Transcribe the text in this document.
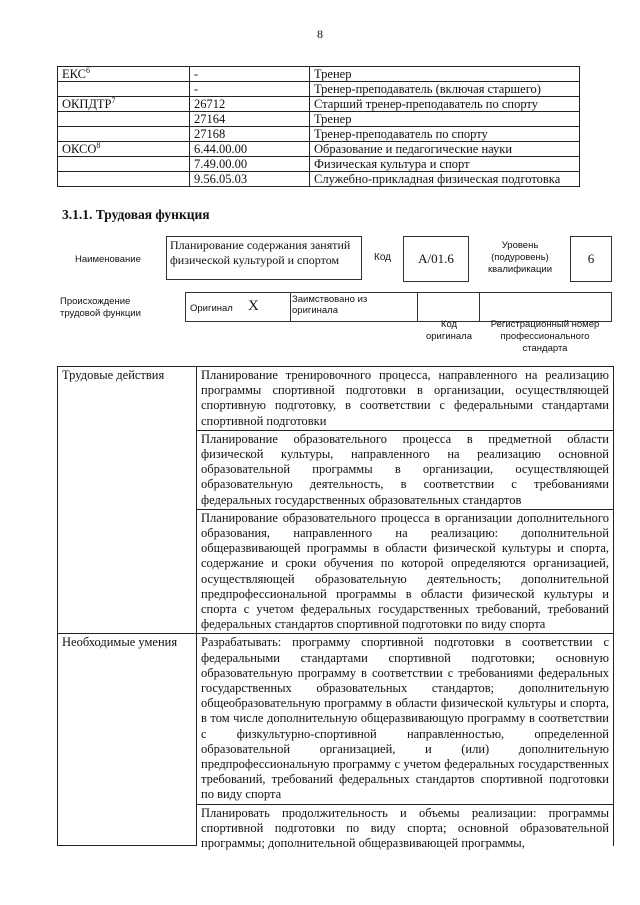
8
ЕКС$^6$	-	Тренер
	-	Тренер-преподаватель (включая старшего)
ОКПДТР$^7$	26712	Старший тренер-преподаватель по спорту
	27164	Тренер
	27168	Тренер-преподаватель по спорту
ОКСО$^8$	6.44.00.00	Образование и педагогические науки
	7.49.00.00	Физическая культура и спорт
	9.56.05.03	Служебно-прикладная физическая подготовка
3.1.1. Трудовая функция
Наименование
Планирование содержания занятий физической культурой и спортом	Код	A/01.6
Уровень (подуровень) квалификации
6
Происхождение трудовой функции	Оригинал X	Заимствовано из оригинала
Код оригинала
Регистрационный номер профессионального стандарта
Трудовые действия	Планирование тренировочного процесса, направленного на реализацию программы спортивной подготовки в организации, осуществляющей спортивную подготовку, в соответствии с федеральными стандартами спортивной подготовки
	Планирование образовательного процесса в предметной области физической культуры, направленного на реализацию основной образовательной программы в организации, осуществляющей образовательную деятельность, в соответствии с требованиями федеральных государственных образовательных стандартов
	Планирование образовательного процесса в организации дополнительного образования, направленного на реализацию: дополнительной общеразвивающей программы в области физической культуры и спорта, содержание и сроки обучения по которой определяются организацией, осуществляющей образовательную деятельность; дополнительной предпрофессиональной программы в области физической культуры и спорта с учетом федеральных государственных требований, требований федеральных стандартов спортивной подготовки по виду спорта
Необходимые умения	Разрабатывать: программу спортивной подготовки в соответствии с федеральными стандартами спортивной подготовки; основную образовательную программу в соответствии с требованиями федеральных государственных образовательных стандартов; дополнительную общеобразовательную программу в области физической культуры и спорта, в том числе дополнительную общеразвивающую программу в соответствии с физкультурно-спортивной направленностью, определенной образовательной организацией, и (или) дополнительную предпрофессиональную программу с учетом федеральных государственных требований, требований федеральных стандартов спортивной подготовки по виду спорта

	Планировать продолжительность и объемы реализации: программы спортивной подготовки по виду спорта; основной образовательной программы; дополнительной общеразвивающей программы,
